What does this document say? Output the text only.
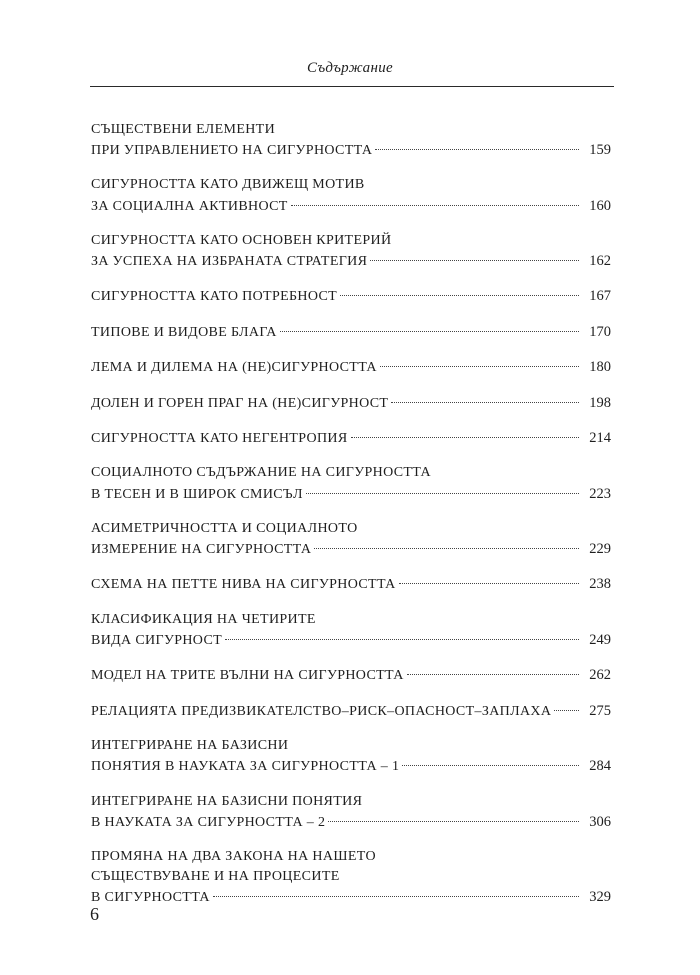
Съдържание
СЪЩЕСТВЕНИ ЕЛЕМЕНТИ
ПРИ УПРАВЛЕНИЕТО НА СИГУРНОСТТА	159
СИГУРНОСТТА КАТО ДВИЖЕЩ МОТИВ
ЗА СОЦИАЛНА АКТИВНОСТ	160
СИГУРНОСТТА КАТО ОСНОВЕН КРИТЕРИЙ
ЗА УСПЕХА НА ИЗБРАНАТА СТРАТЕГИЯ	162
СИГУРНОСТТА КАТО ПОТРЕБНОСТ	167
ТИПОВЕ И ВИДОВЕ БЛАГА	170
ЛЕМА И ДИЛЕМА НА (НЕ)СИГУРНОСТТА	180
ДОЛЕН И ГОРЕН ПРАГ НА (НЕ)СИГУРНОСТ	198
СИГУРНОСТТА КАТО НЕГЕНТРОПИЯ	214
СОЦИАЛНОТО СЪДЪРЖАНИЕ НА СИГУРНОСТТА
В ТЕСЕН И В ШИРОК СМИСЪЛ	223
АСИМЕТРИЧНОСТТА И СОЦИАЛНОТО
ИЗМЕРЕНИЕ НА СИГУРНОСТТА	229
СХЕМА НА ПЕТТЕ НИВА НА СИГУРНОСТТА	238
КЛАСИФИКАЦИЯ НА ЧЕТИРИТЕ
ВИДА СИГУРНОСТ	249
МОДЕЛ НА ТРИТЕ ВЪЛНИ НА СИГУРНОСТТА	262
РЕЛАЦИЯТА ПРЕДИЗВИКАТЕЛСТВО–РИСК–ОПАСНОСТ–ЗАПЛАХА	275
ИНТЕГРИРАНЕ НА БАЗИСНИ
ПОНЯТИЯ В НАУКАТА ЗА СИГУРНОСТТА – 1	284
ИНТЕГРИРАНЕ НА БАЗИСНИ ПОНЯТИЯ
В НАУКАТА ЗА СИГУРНОСТТА – 2	306
ПРОМЯНА НА ДВА ЗАКОНА НА НАШЕТО
СЪЩЕСТВУВАНЕ И НА ПРОЦЕСИТЕ
В СИГУРНОСТТА	329
6
